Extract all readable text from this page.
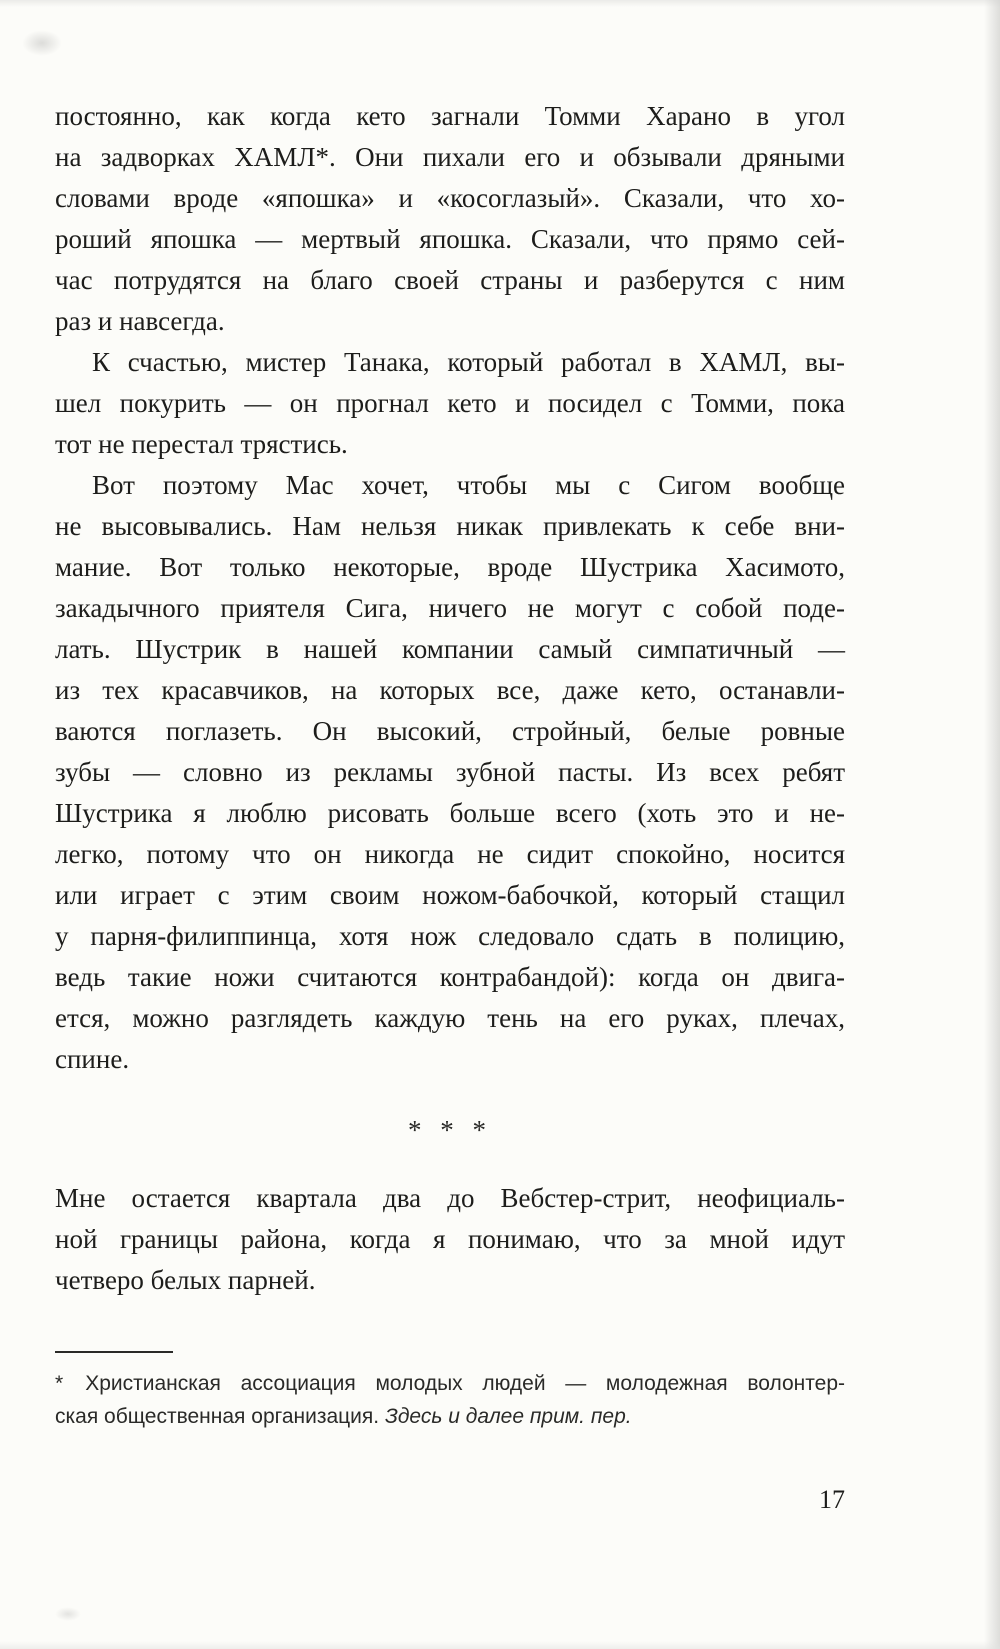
постоянно, как когда кето загнали Томми Харано в угол
на задворках ХАМЛ*. Они пихали его и обзывали дряными
словами вроде «япошка» и «косоглазый». Сказали, что хо-
роший япошка — мертвый япошка. Сказали, что прямо сей-
час потрудятся на благо своей страны и разберутся с ним
раз и навсегда.
К счастью, мистер Танака, который работал в ХАМЛ, вы-
шел покурить — он прогнал кето и посидел с Томми, пока
тот не перестал трястись.
Вот поэтому Мас хочет, чтобы мы с Сигом вообще
не высовывались. Нам нельзя никак привлекать к себе вни-
мание. Вот только некоторые, вроде Шустрика Хасимото,
закадычного приятеля Сига, ничего не могут с собой поде-
лать. Шустрик в нашей компании самый симпатичный —
из тех красавчиков, на которых все, даже кето, останавли-
ваются поглазеть. Он высокий, стройный, белые ровные
зубы — словно из рекламы зубной пасты. Из всех ребят
Шустрика я люблю рисовать больше всего (хоть это и не-
легко, потому что он никогда не сидит спокойно, носится
или играет с этим своим ножом-бабочкой, который стащил
у парня-филиппинца, хотя нож следовало сдать в полицию,
ведь такие ножи считаются контрабандой): когда он двига-
ется, можно разглядеть каждую тень на его руках, плечах,
спине.
* * *
Мне остается квартала два до Вебстер-стрит, неофициаль-
ной границы района, когда я понимаю, что за мной идут
четверо белых парней.
* Христианская ассоциация молодых людей — молодежная волонтер-
ская общественная организация. Здесь и далее прим. пер.
17
